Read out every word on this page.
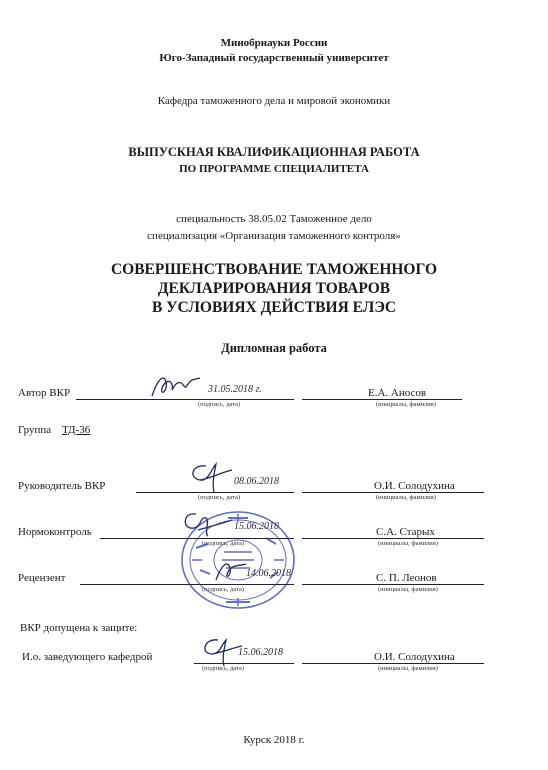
Минобрнауки России
Юго-Западный государственный университет
Кафедра таможенного дела и мировой экономики
ВЫПУСКНАЯ КВАЛИФИКАЦИОННАЯ РАБОТА
ПО ПРОГРАММЕ СПЕЦИАЛИТЕТА
специальность 38.05.02 Таможенное дело
специализация «Организация таможенного контроля»
СОВЕРШЕНСТВОВАНИЕ ТАМОЖЕННОГО
ДЕКЛАРИРОВАНИЯ ТОВАРОВ
В УСЛОВИЯХ ДЕЙСТВИЯ ЕЛЭС
Дипломная работа
Автор ВКР	31.05.2018 г.
(подпись, дата)
Е.А. Аносов
(инициалы, фамилия)
Группа ТД-36
Руководитель ВКР	08.06.2018
(подпись, дата)
О.И. Солодухина
(инициалы, фамилия)
Нормоконтроль	15.06.2018
(подпись, дата)
С.А. Старых
(инициалы, фамилия)
Рецензент	14.06.2018
(подпись, дата)
С. П. Леонов
(инициалы, фамилия)
ВКР допущена к защите:
И.о. заведующего кафедрой	15.06.2018
(подпись, дата)
О.И. Солодухина
(инициалы, фамилия)
Курск 2018 г.
